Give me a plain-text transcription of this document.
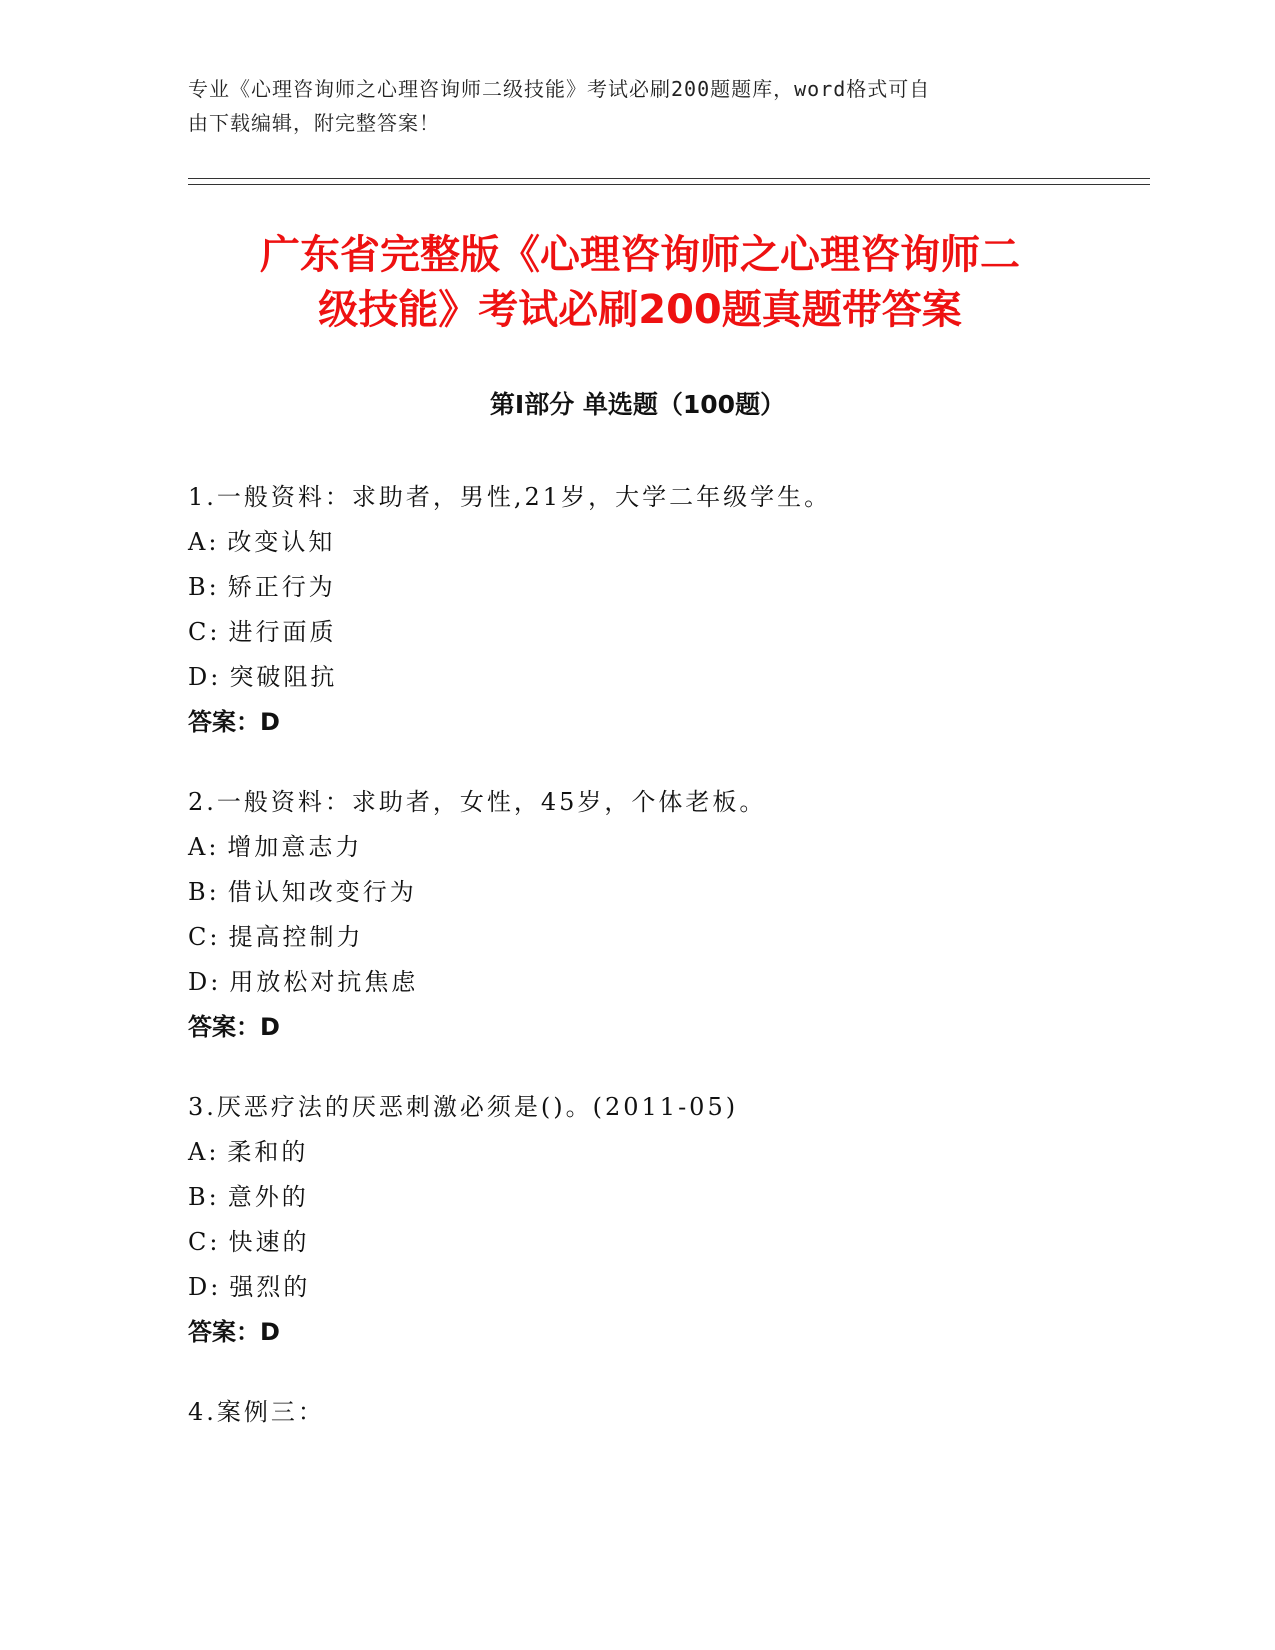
专业《心理咨询师之心理咨询师二级技能》考试必刷200题题库，word格式可自
由下载编辑，附完整答案！
广东省完整版《心理咨询师之心理咨询师二
级技能》考试必刷200题真题带答案
第Ⅰ部分 单选题（100题）
1.一般资料：求助者，男性,21岁，大学二年级学生。
A: 改变认知
B: 矫正行为
C: 进行面质
D: 突破阻抗
答案：D
2.一般资料：求助者，女性，45岁，个体老板。
A: 增加意志力
B: 借认知改变行为
C: 提高控制力
D: 用放松对抗焦虑
答案：D
3.厌恶疗法的厌恶刺激必须是()。(2011-05)
A: 柔和的
B: 意外的
C: 快速的
D: 强烈的
答案：D
4.案例三：
